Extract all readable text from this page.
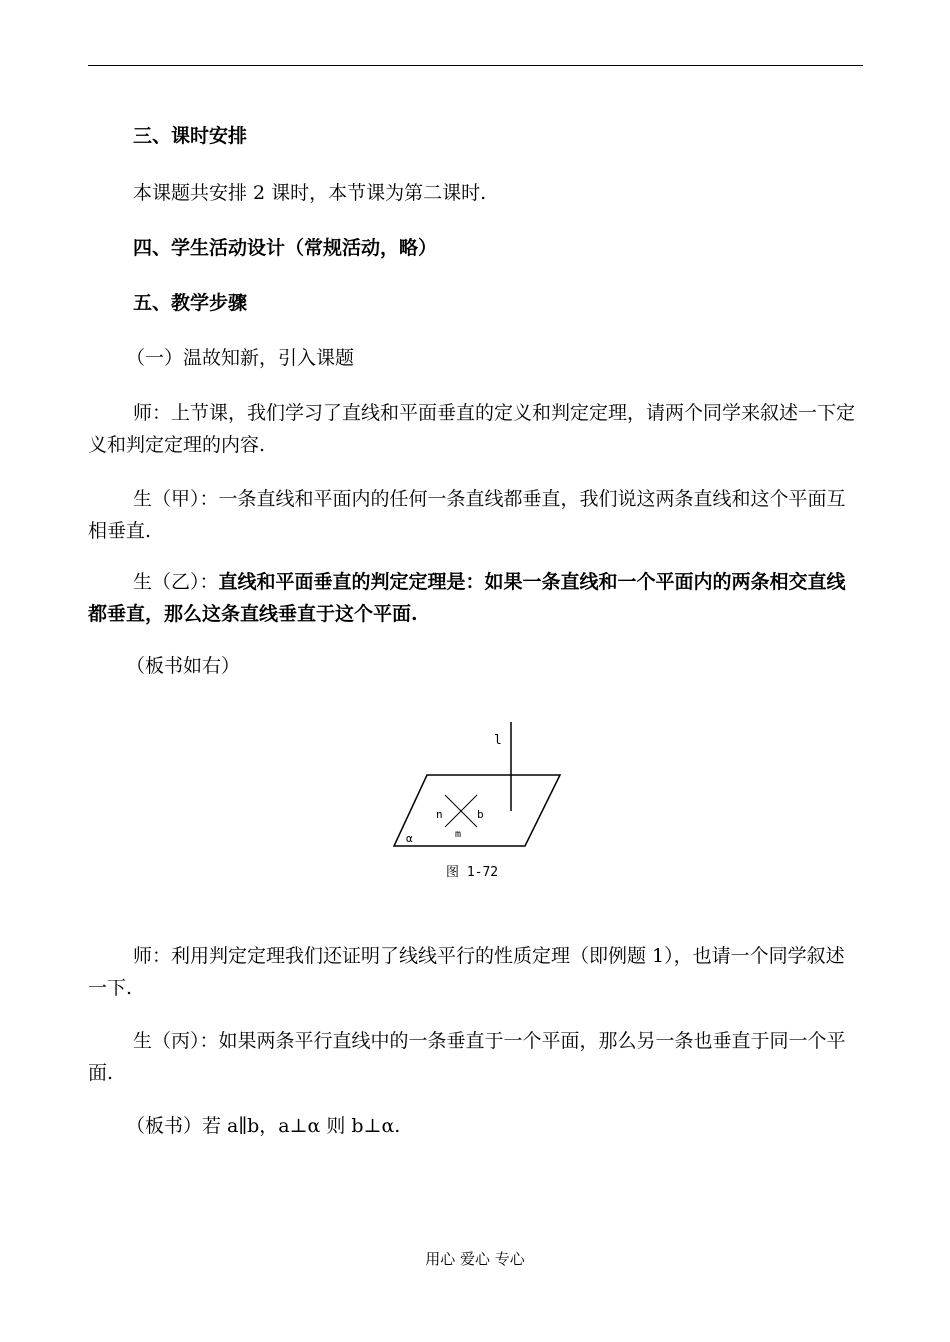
三、课时安排

本课题共安排 2 课时，本节课为第二课时.

四、学生活动设计（常规活动，略）

五、教学步骤

（一）温故知新，引入课题

师：上节课，我们学习了直线和平面垂直的定义和判定定理，请两个同学来叙述一下定义和判定定理的内容.

生（甲）：一条直线和平面内的任何一条直线都垂直，我们说这两条直线和这个平面互相垂直.

生（乙）：直线和平面垂直的判定定理是：如果一条直线和一个平面内的两条相交直线都垂直，那么这条直线垂直于这个平面.

（板书如右）

l
n	b
m
α
图 1-72

师：利用判定定理我们还证明了线线平行的性质定理（即例题 1），也请一个同学叙述一下.

生（丙）：如果两条平行直线中的一条垂直于一个平面，那么另一条也垂直于同一个平面.

（板书）若 a∥b，a⊥α 则 b⊥α.

用心 爱心 专心
